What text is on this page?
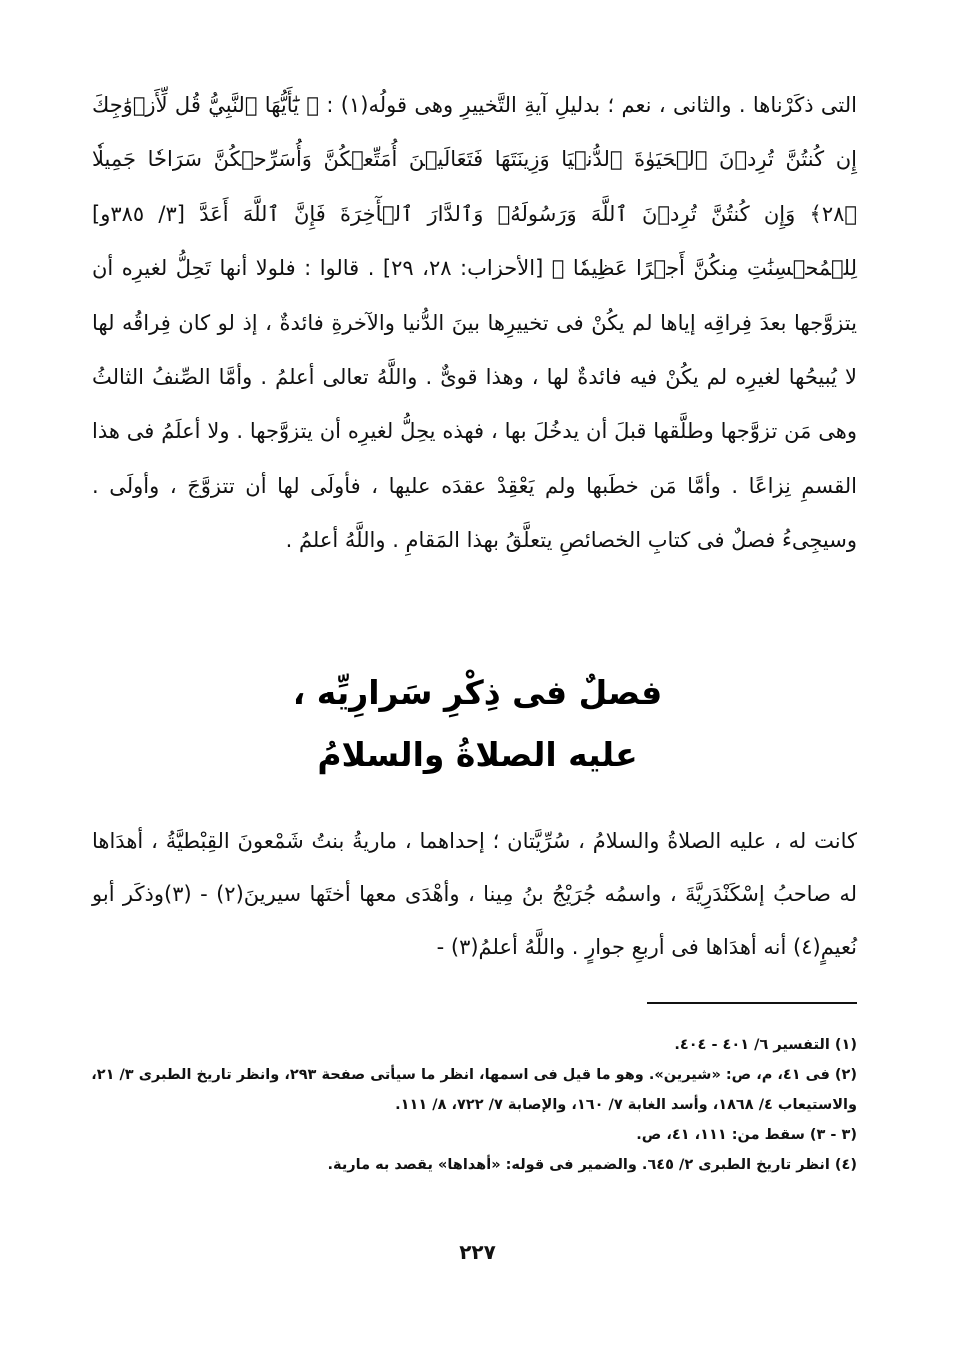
التى ذكَرْناها . والثانى ، نعم ؛ بدليلِ آيةِ التَّخييرِ وهى قولُه(١) : ﴿ يَٰٓأَيُّهَا ٱلنَّبِيُّ قُل لِّأَزۡوَٰجِكَ إِن كُنتُنَّ تُرِدۡنَ ٱلۡحَيَوٰةَ ٱلدُّنۡيَا وَزِينَتَهَا فَتَعَالَيۡنَ أُمَتِّعۡكُنَّ وَأُسَرِّحۡكُنَّ سَرَاحٗا جَمِيلٗا ﴿٢٨﴾ وَإِن كُنتُنَّ تُرِدۡنَ ٱللَّهَ وَرَسُولَهُۥ وَٱلدَّارَ ٱلۡأٓخِرَةَ فَإِنَّ ٱللَّهَ أَعَدَّ [٣/ ٣٨٥و] لِلۡمُحۡسِنَٰتِ مِنكُنَّ أَجۡرًا عَظِيمٗا ﴾ [الأحزاب: ٢٨، ٢٩] . قالوا : فلولا أنها تَحِلُّ لغيرِه أن يتزوَّجها بعدَ فِراقِه إياها لم يكُنْ فى تخييرِها بينَ الدُّنيا والآخرةِ فائدةٌ ، إذ لو كان فِراقُه لها لا يُبيحُها لغيرِه لم يكُنْ فيه فائدةٌ لها ، وهذا قوىٌّ . واللَّهُ تعالى أعلمُ . وأمَّا الصِّنفُ الثالثُ وهى مَن تزوَّجها وطلَّقها قبلَ أن يدخُلَ بها ، فهذه يحِلُّ لغيرِه أن يتزوَّجها . ولا أعلَمُ فى هذا القسمِ نِزاعًا . وأمَّا مَن خطَبها ولم يَعْقِدْ عقدَه عليها ، فأولَى لها أن تتزوَّجَ ، وأولَى . وسيجِىءُ فصلٌ فى كتابِ الخصائصِ يتعلَّقُ بهذا المَقامِ . واللَّهُ أعلمُ .

فصلٌ فى ذِكْرِ سَرارِيِّه ،
عليه الصلاةُ والسلامُ

كانت له ، عليه الصلاةُ والسلامُ ، سُرِّيَّتان ؛ إحداهما ، ماريةُ بنتُ شَمْعونَ القِبْطيَّةُ ، أهدَاها له صاحبُ إسْكَنْدَرِيَّةَ ، واسمُه جُرَيْجُ بنُ مِينا ، وأهْدَى معها أختَها سيرينَ(٢) - (٣)وذكَر أبو نُعيمٍ(٤) أنه أهدَاها فى أربعِ جوارٍ . واللَّهُ أعلمُ(٣) -

(١) التفسير ٦/ ٤٠١ - ٤٠٤.
(٢) فى ٤١، م، ص: «شيرين». وهو ما قيل فى اسمها، انظر ما سيأتى صفحة ٢٩٣، وانظر تاريخ الطبرى ٣/ ٢١، والاستيعاب ٤/ ١٨٦٨، وأسد الغابة ٧/ ١٦٠، والإصابة ٧/ ٧٢٢، ٨/ ١١١.
(٣ - ٣) سقط من: ١١١، ٤١، ص.
(٤) انظر تاريخ الطبرى ٢/ ٦٤٥. والضمير فى قوله: «أهداها» يقصد به مارية.
٢٢٧
